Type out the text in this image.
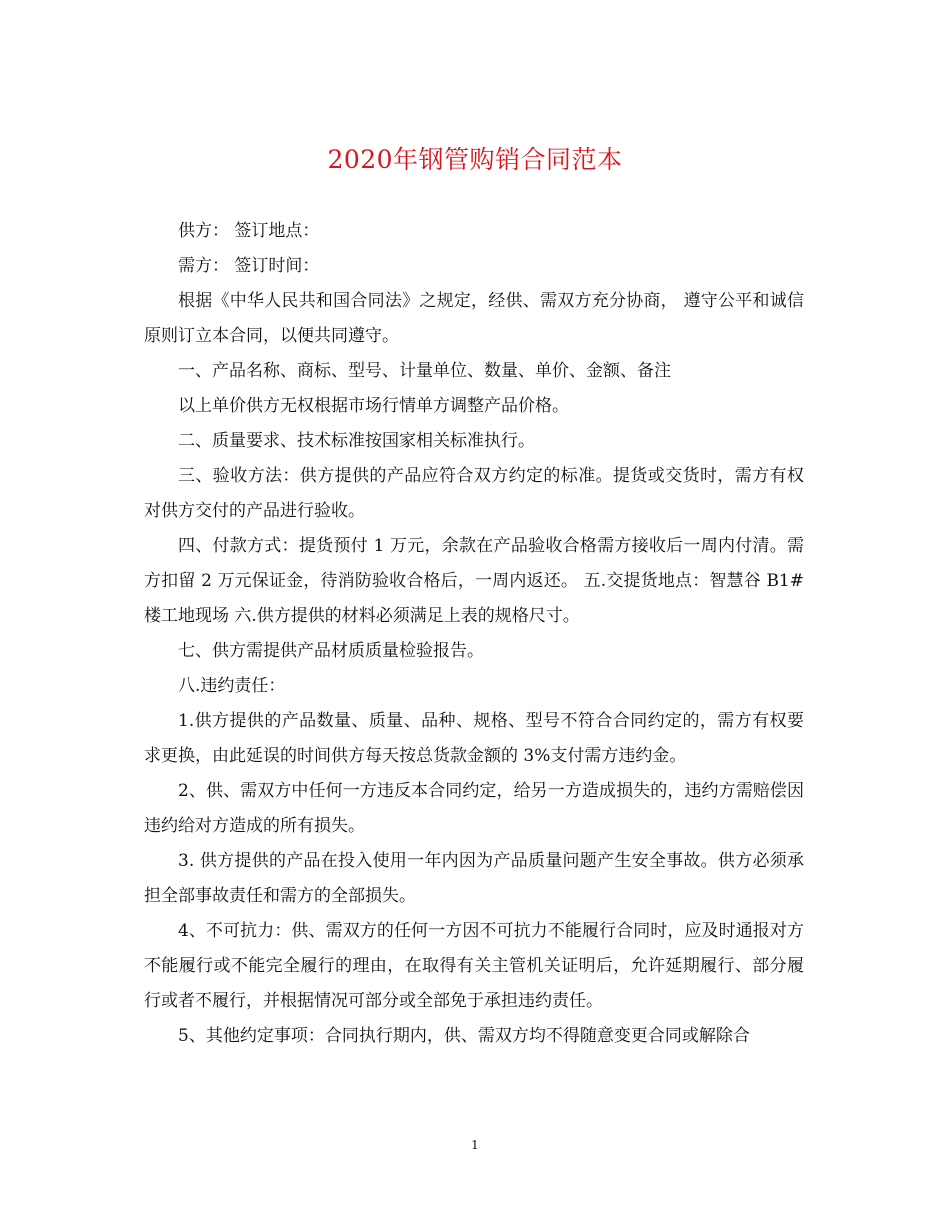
2020年钢管购销合同范本

供方： 签订地点：

需方： 签订时间：

根据《中华人民共和国合同法》之规定，经供、需双方充分协商， 遵守公平和诚信原则订立本合同，以便共同遵守。

一、产品名称、商标、型号、计量单位、数量、单价、金额、备注

以上单价供方无权根据市场行情单方调整产品价格。

二、质量要求、技术标准按国家相关标准执行。

三、验收方法：供方提供的产品应符合双方约定的标准。提货或交货时，需方有权对供方交付的产品进行验收。

四、付款方式：提货预付 1 万元，余款在产品验收合格需方接收后一周内付清。需方扣留 2 万元保证金，待消防验收合格后，一周内返还。 五.交提货地点：智慧谷 B1#楼工地现场 六.供方提供的材料必须满足上表的规格尺寸。

七、供方需提供产品材质质量检验报告。

八.违约责任：

1.供方提供的产品数量、质量、品种、规格、型号不符合合同约定的，需方有权要求更换，由此延误的时间供方每天按总货款金额的 3%支付需方违约金。

2、供、需双方中任何一方违反本合同约定，给另一方造成损失的，违约方需赔偿因违约给对方造成的所有损失。

3. 供方提供的产品在投入使用一年内因为产品质量问题产生安全事故。供方必须承担全部事故责任和需方的全部损失。

4、不可抗力：供、需双方的任何一方因不可抗力不能履行合同时，应及时通报对方不能履行或不能完全履行的理由，在取得有关主管机关证明后，允许延期履行、部分履行或者不履行，并根据情况可部分或全部免于承担违约责任。

5、其他约定事项：合同执行期内，供、需双方均不得随意变更合同或解除合

1
